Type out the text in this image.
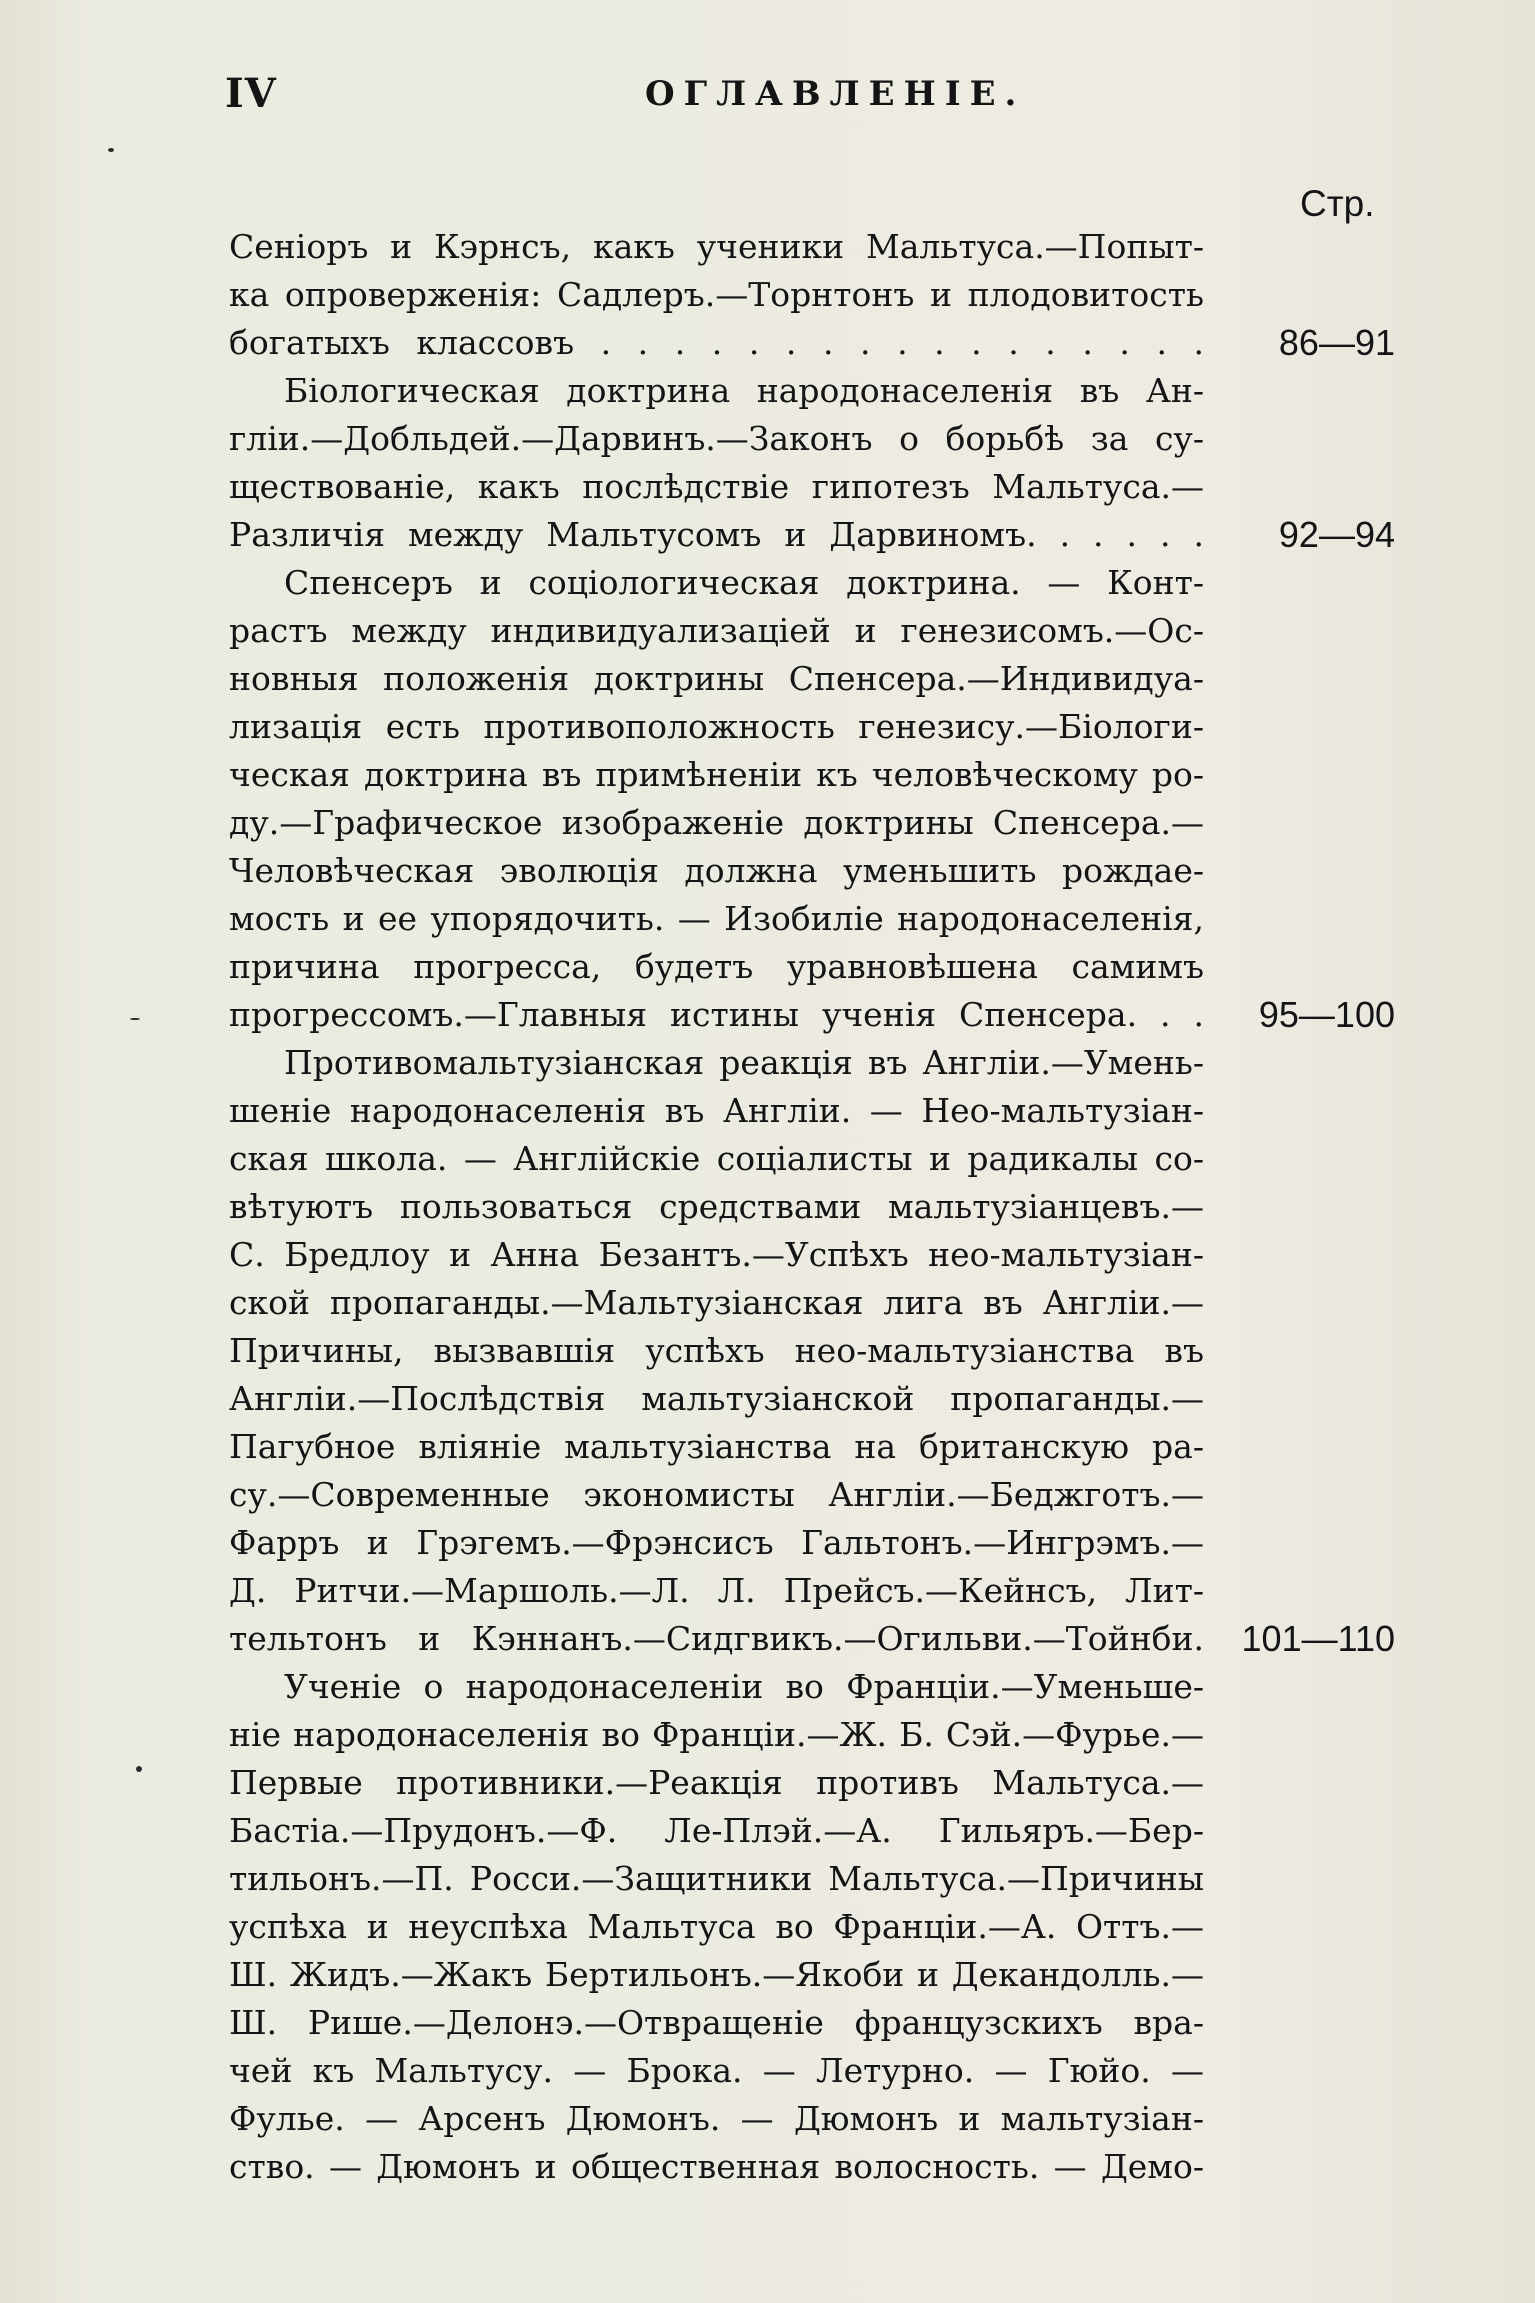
IV	ОГЛАВЛЕНIЕ.
Стр.
Сеніоръ и Кэрнсъ, какъ ученики Мальтуса.—Попыт-
ка опроверженія: Садлеръ.—Торнтонъ и плодовитость
богатыхъ классовъ . . . . . . . . . . . . . . . . .	86—91
Біологическая доктрина народонаселенія въ Ан-
гліи.—Добльдей.—Дарвинъ.—Законъ о борьбѣ за су-
ществованіе, какъ послѣдствіе гипотезъ Мальтуса.—
Различія между Мальтусомъ и Дарвиномъ. . . . . .	92—94
Спенсеръ и соціологическая доктрина. — Конт-
растъ между индивидуализаціей и генезисомъ.—Ос-
новныя положенія доктрины Спенсера.—Индивидуа-
лизація есть противоположность генезису.—Біологи-
ческая доктрина въ примѣненіи къ человѣческому ро-
ду.—Графическое изображеніе доктрины Спенсера.—
Человѣческая эволюція должна уменьшить рождае-
мость и ее упорядочить. — Изобиліе народонаселенія,
причина прогресса, будетъ уравновѣшена самимъ
прогрессомъ.—Главныя истины ученія Спенсера. . .	95—100
Противомальтузіанская реакція въ Англіи.—Умень-
шеніе народонаселенія въ Англіи. — Нео-мальтузіан-
ская школа. — Англійскіе соціалисты и радикалы со-
вѣтуютъ пользоваться средствами мальтузіанцевъ.—
С. Бредлоу и Анна Безантъ.—Успѣхъ нео-мальтузіан-
ской пропаганды.—Мальтузіанская лига въ Англіи.—
Причины, вызвавшія успѣхъ нео-мальтузіанства въ
Англіи.—Послѣдствія мальтузіанской пропаганды.—
Пагубное вліяніе мальтузіанства на британскую ра-
су.—Современные экономисты Англіи.—Беджготъ.—
Фарръ и Грэгемъ.—Фрэнсисъ Гальтонъ.—Ингрэмъ.—
Д. Ритчи.—Маршоль.—Л. Л. Прейсъ.—Кейнсъ, Лит-
тельтонъ и Кэннанъ.—Сидгвикъ.—Огильви.—Тойнби. 101—110
Ученіе о народонаселеніи во Франціи.—Уменьше-
ніе народонаселенія во Франціи.—Ж. Б. Сэй.—Фурье.—
Первые противники.—Реакція противъ Мальтуса.—
Бастіа.—Прудонъ.—Ф. Ле-Плэй.—А. Гильяръ.—Бер-
тильонъ.—П. Росси.—Защитники Мальтуса.—Причины
успѣха и неуспѣха Мальтуса во Франціи.—А. Оттъ.—
Ш. Жидъ.—Жакъ Бертильонъ.—Якоби и Декандолль.—
Ш. Рише.—Делонэ.—Отвращеніе французскихъ вра-
чей къ Мальтусу. — Брока. — Летурно. — Гюйо. —
Фулье. — Арсенъ Дюмонъ. — Дюмонъ и мальтузіан-
ство. — Дюмонъ и общественная волосность. — Демо-
